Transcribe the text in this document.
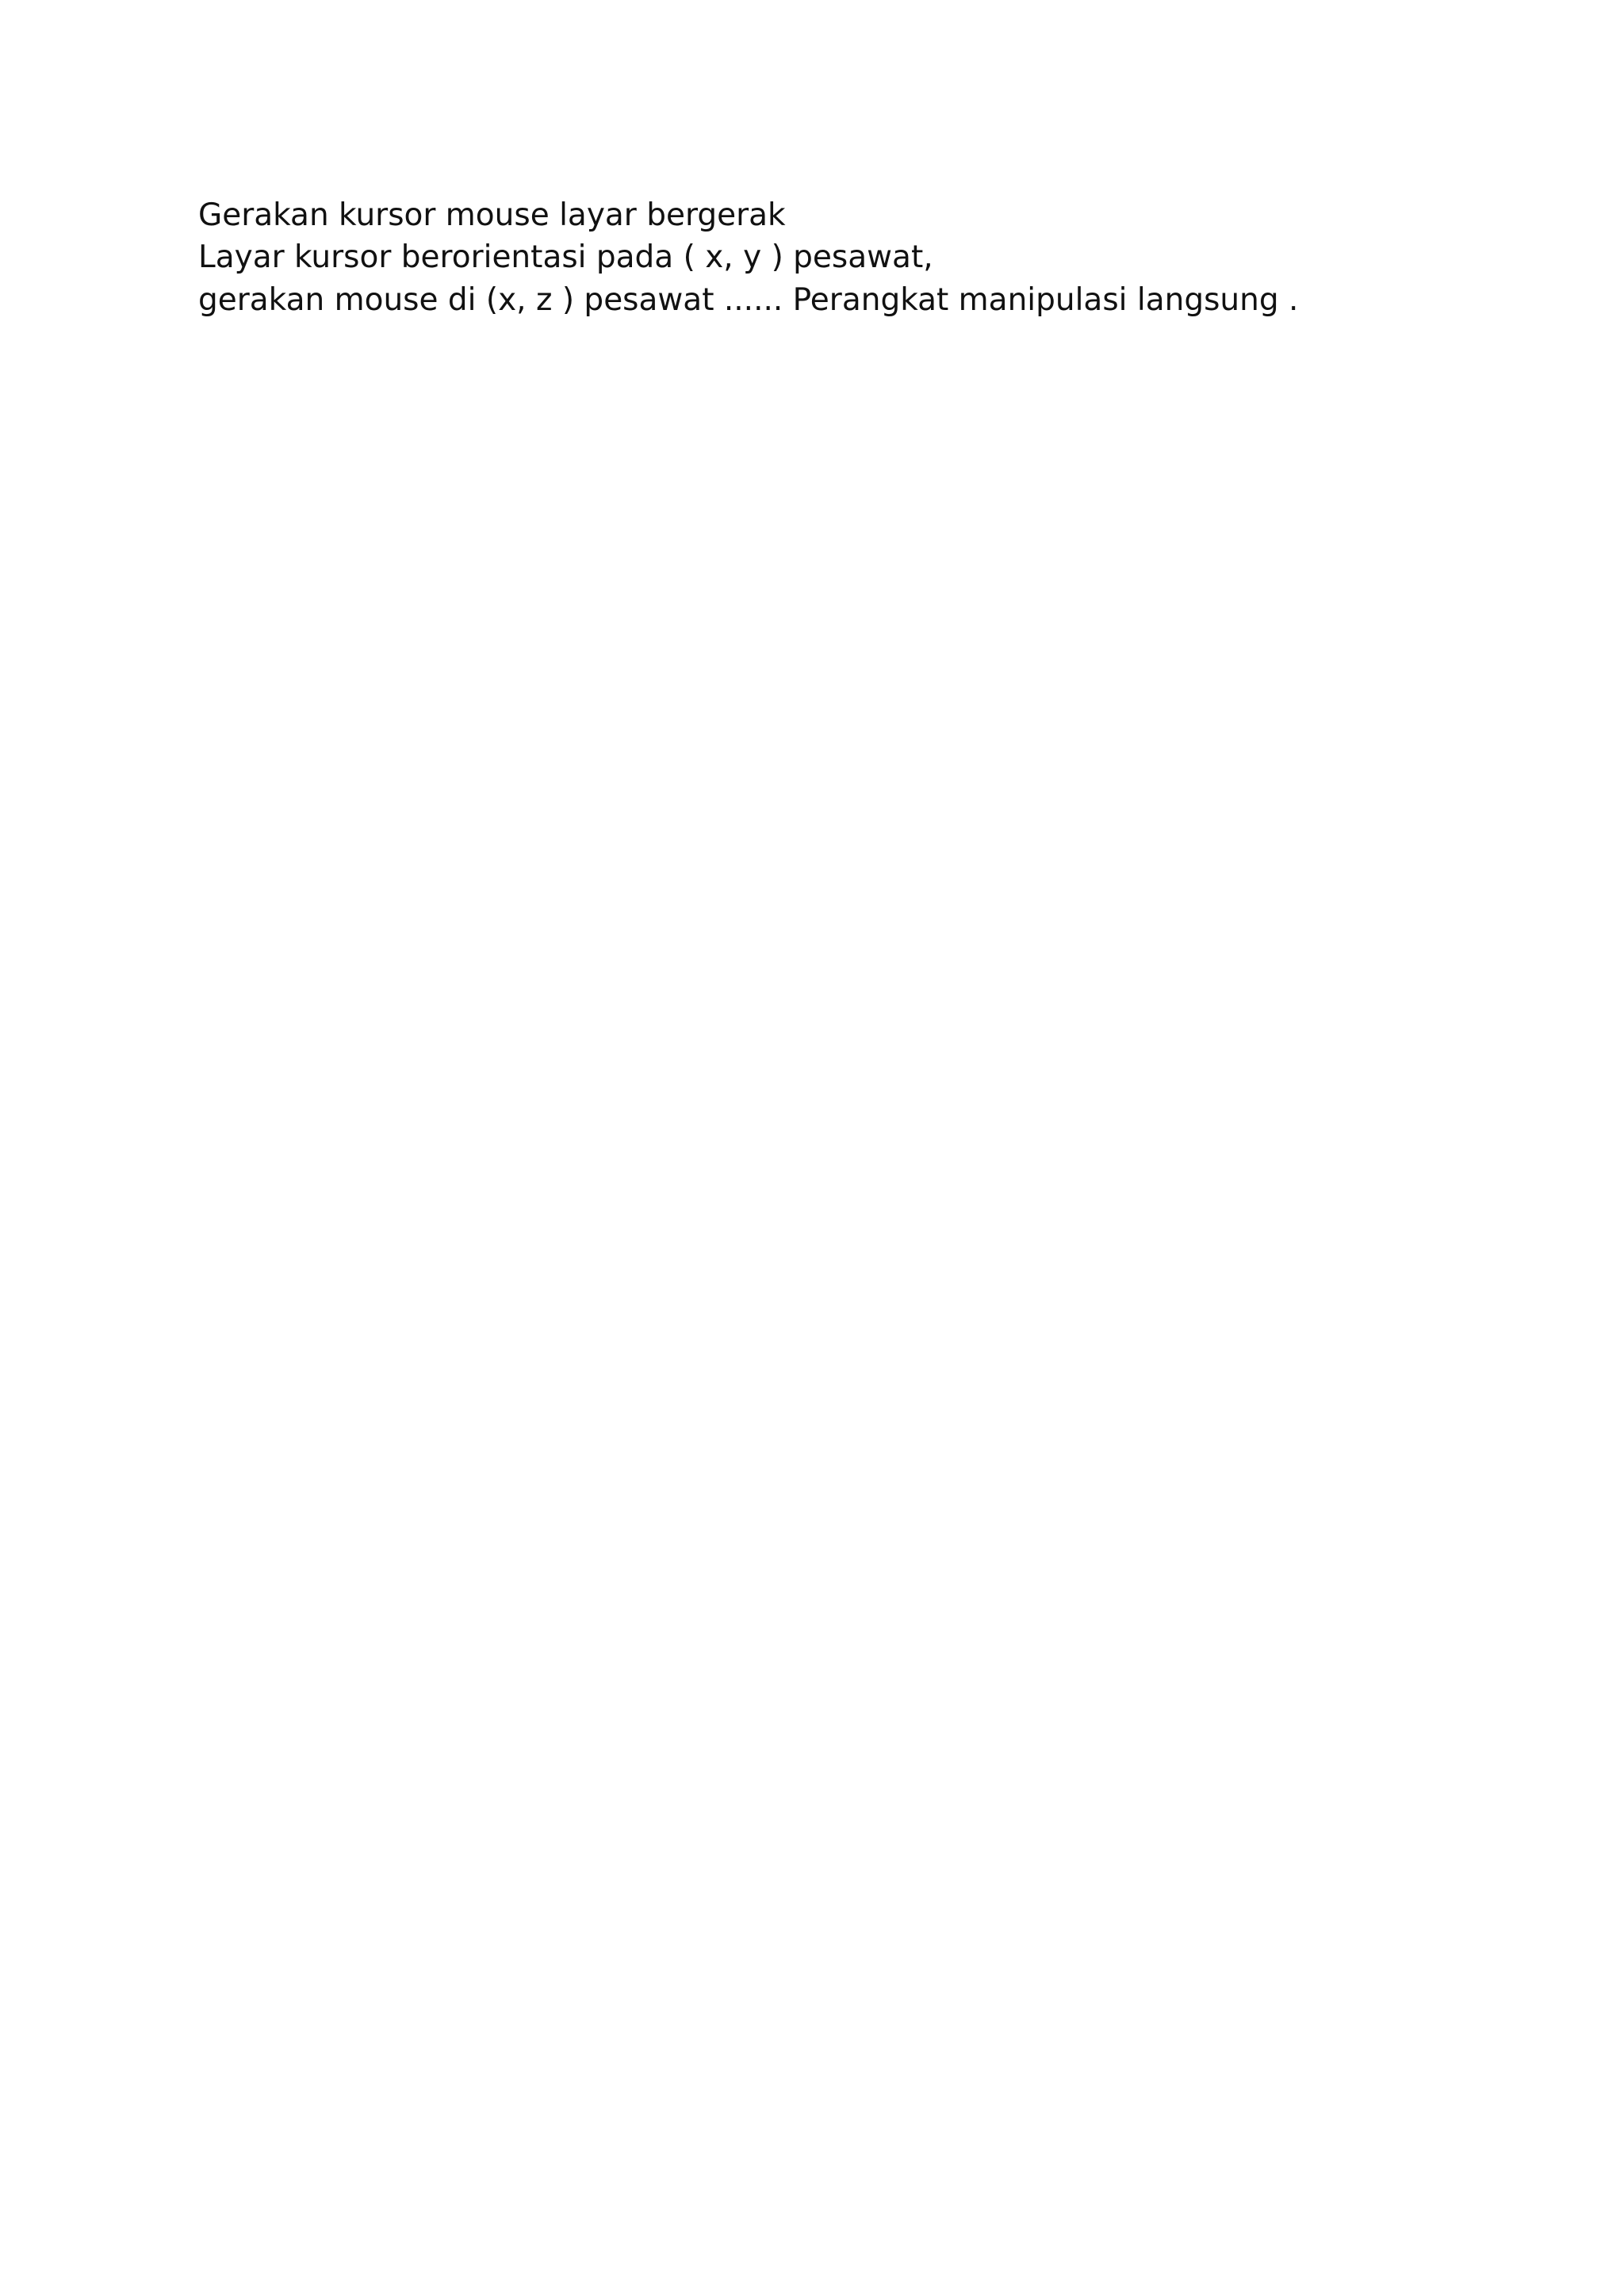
Gerakan kursor mouse layar bergerak
Layar kursor berorientasi pada ( x, y ) pesawat,
gerakan mouse di (x, z ) pesawat ...... Perangkat manipulasi langsung .
